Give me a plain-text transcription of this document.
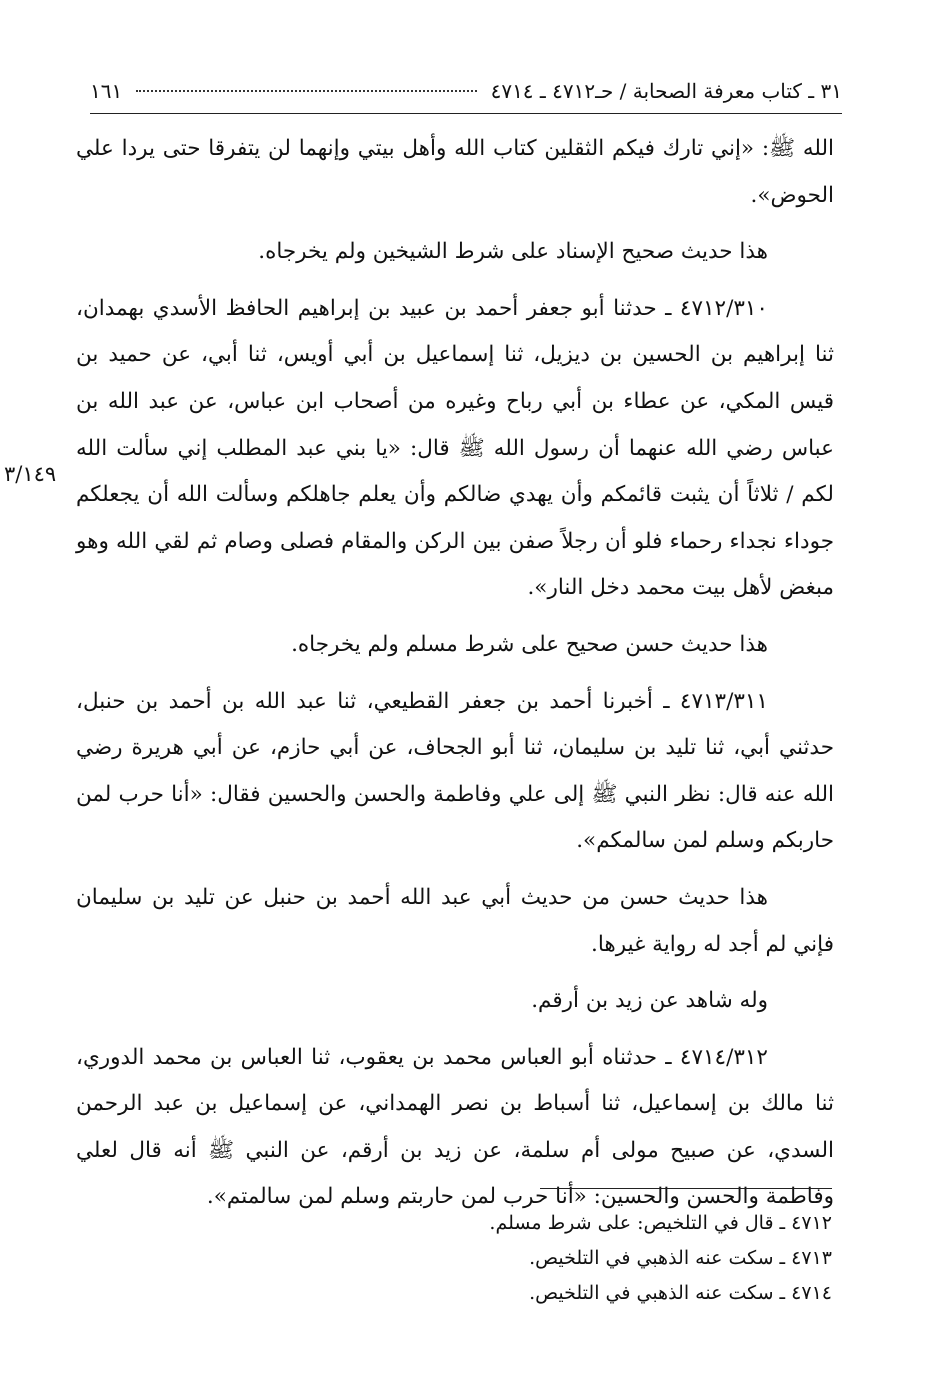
٣١ ـ كتاب معرفة الصحابة / حـ٤٧١٢ ـ ٤٧١٤
١٦١

الله ﷺ: «إني تارك فيكم الثقلين كتاب الله وأهل بيتي وإنهما لن يتفرقا حتى يردا علي الحوض».

هذا حديث صحيح الإسناد على شرط الشيخين ولم يخرجاه.

٤٧١٢/٣١٠ ـ حدثنا أبو جعفر أحمد بن عبيد بن إبراهيم الحافظ الأسدي بهمدان، ثنا إبراهيم بن الحسين بن ديزيل، ثنا إسماعيل بن أبي أويس، ثنا أبي، عن حميد بن قيس المكي، عن عطاء بن أبي رباح وغيره من أصحاب ابن عباس، عن عبد الله بن عباس رضي الله عنهما أن رسول الله ﷺ قال: «يا بني عبد المطلب إني سألت الله لكم / ثلاثاً أن يثبت قائمكم وأن يهدي ضالكم وأن يعلم جاهلكم وسألت الله أن يجعلكم جوداء نجداء رحماء فلو أن رجلاً صفن بين الركن والمقام فصلى وصام ثم لقي الله وهو مبغض لأهل بيت محمد دخل النار».

هذا حديث حسن صحيح على شرط مسلم ولم يخرجاه.

٤٧١٣/٣١١ ـ أخبرنا أحمد بن جعفر القطيعي، ثنا عبد الله بن أحمد بن حنبل، حدثني أبي، ثنا تليد بن سليمان، ثنا أبو الجحاف، عن أبي حازم، عن أبي هريرة رضي الله عنه قال: نظر النبي ﷺ إلى علي وفاطمة والحسن والحسين فقال: «أنا حرب لمن حاربكم وسلم لمن سالمكم».

هذا حديث حسن من حديث أبي عبد الله أحمد بن حنبل عن تليد بن سليمان فإني لم أجد له رواية غيرها.

وله شاهد عن زيد بن أرقم.

٤٧١٤/٣١٢ ـ حدثناه أبو العباس محمد بن يعقوب، ثنا العباس بن محمد الدوري، ثنا مالك بن إسماعيل، ثنا أسباط بن نصر الهمداني، عن إسماعيل بن عبد الرحمن السدي، عن صبيح مولى أم سلمة، عن زيد بن أرقم، عن النبي ﷺ أنه قال لعلي وفاطمة والحسن والحسين: «أنا حرب لمن حاربتم وسلم لمن سالمتم».

٣/١٤٩

٤٧١٢ ـ قال في التلخيص: على شرط مسلم.

٤٧١٣ ـ سكت عنه الذهبي في التلخيص.

٤٧١٤ ـ سكت عنه الذهبي في التلخيص.
